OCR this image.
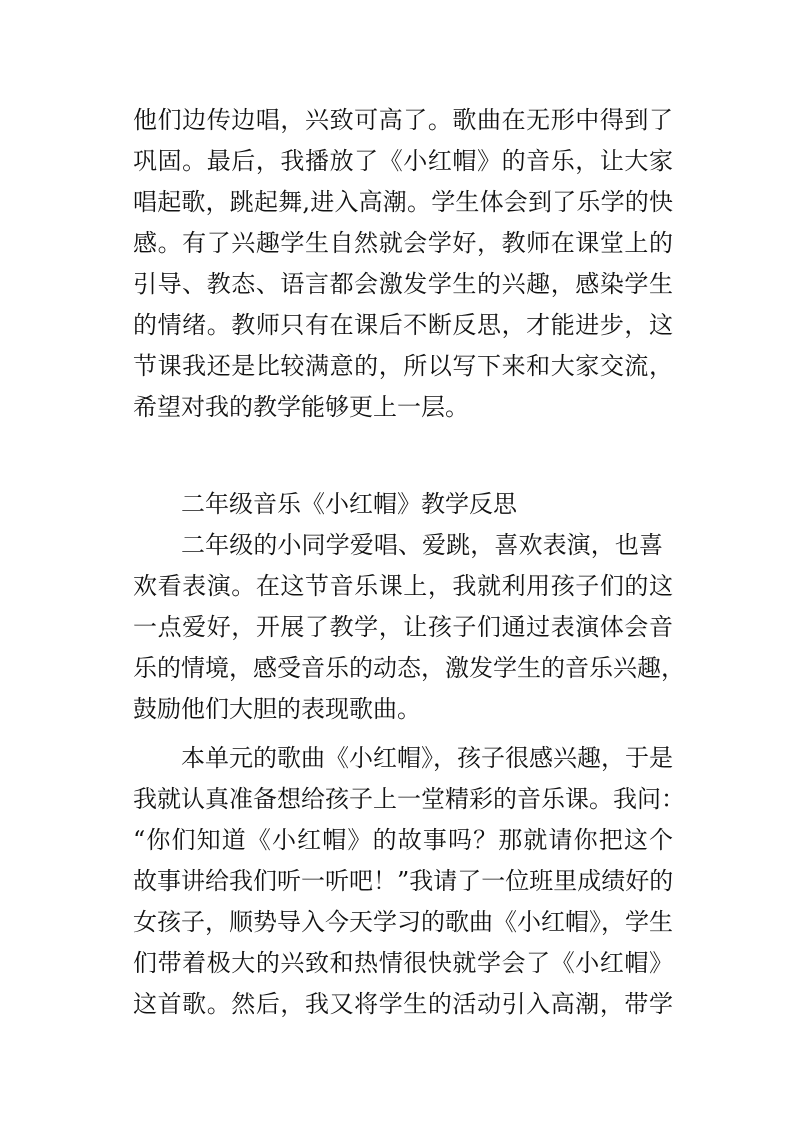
他们边传边唱，兴致可高了。歌曲在无形中得到了
巩固。最后，我播放了《小红帽》的音乐，让大家
唱起歌，跳起舞,进入高潮。学生体会到了乐学的快
感。有了兴趣学生自然就会学好，教师在课堂上的
引导、教态、语言都会激发学生的兴趣，感染学生
的情绪。教师只有在课后不断反思，才能进步，这
节课我还是比较满意的，所以写下来和大家交流，
希望对我的教学能够更上一层。
二年级音乐《小红帽》教学反思
二年级的小同学爱唱、爱跳，喜欢表演，也喜
欢看表演。在这节音乐课上，我就利用孩子们的这
一点爱好，开展了教学，让孩子们通过表演体会音
乐的情境，感受音乐的动态，激发学生的音乐兴趣，
鼓励他们大胆的表现歌曲。
本单元的歌曲《小红帽》，孩子很感兴趣，于是
我就认真准备想给孩子上一堂精彩的音乐课。我问：
“你们知道《小红帽》的故事吗？那就请你把这个
故事讲给我们听一听吧！”我请了一位班里成绩好的
女孩子，顺势导入今天学习的歌曲《小红帽》，学生
们带着极大的兴致和热情很快就学会了《小红帽》
这首歌。然后，我又将学生的活动引入高潮，带学
